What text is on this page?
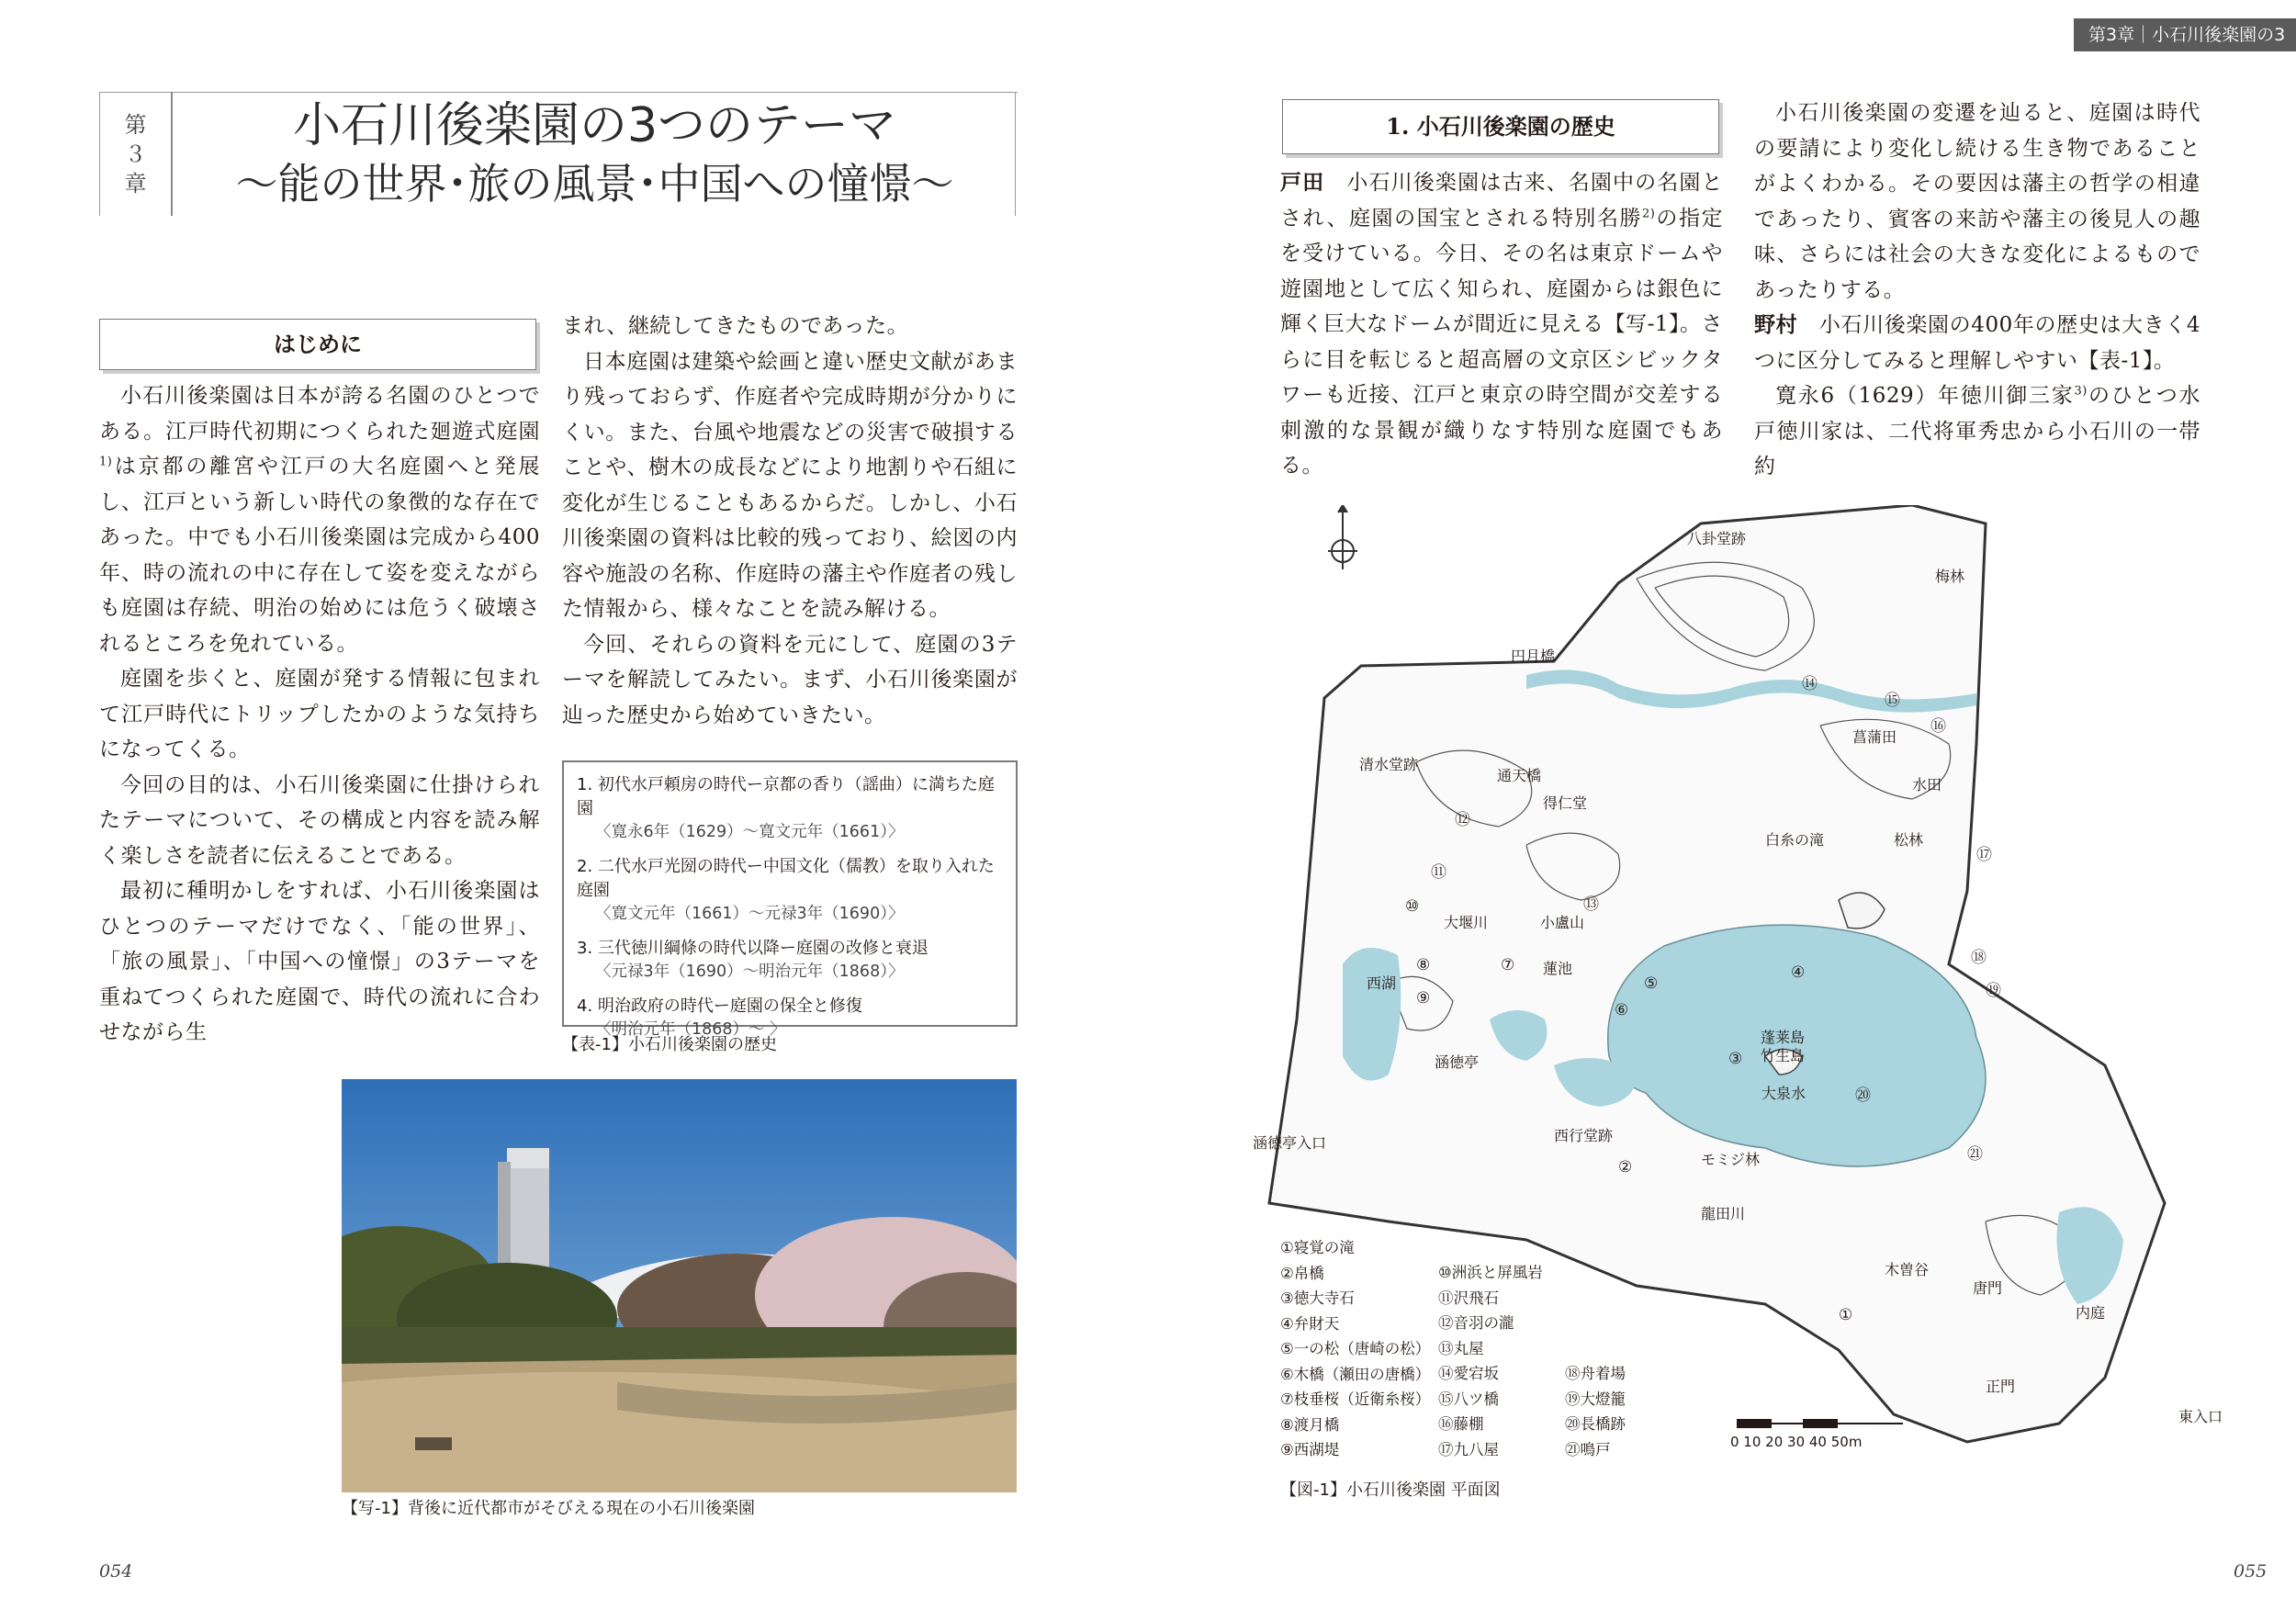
第3章｜小石川後楽園の3つのテーマ
第
３
章
小石川後楽園の3つのテーマ
〜能の世界･旅の風景･中国への憧憬〜
はじめに

小石川後楽園は日本が誇る名園のひとつである。江戸時代初期につくられた廻遊式庭園$^{1)}$は京都の離宮や江戸の大名庭園へと発展し、江戸という新しい時代の象徴的な存在であった。中でも小石川後楽園は完成から400年、時の流れの中に存在して姿を変えながらも庭園は存続、明治の始めには危うく破壊されるところを免れている。

庭園を歩くと、庭園が発する情報に包まれて江戸時代にトリップしたかのような気持ちになってくる。

今回の目的は、小石川後楽園に仕掛けられたテーマについて、その構成と内容を読み解く楽しさを読者に伝えることである。

最初に種明かしをすれば、小石川後楽園はひとつのテーマだけでなく、「能の世界」、「旅の風景」、「中国への憧憬」の3テーマを重ねてつくられた庭園で、時代の流れに合わせながら生

まれ、継続してきたものであった。

日本庭園は建築や絵画と違い歴史文献があまり残っておらず、作庭者や完成時期が分かりにくい。また、台風や地震などの災害で破損することや、樹木の成長などにより地割りや石組に変化が生じることもあるからだ。しかし、小石川後楽園の資料は比較的残っており、絵図の内容や施設の名称、作庭時の藩主や作庭者の残した情報から、様々なことを読み解ける。

今回、それらの資料を元にして、庭園の3テーマを解読してみたい。まず、小石川後楽園が辿った歴史から始めていきたい。

1. 初代水戸頼房の時代ー京都の香り（謡曲）に満ちた庭園
〈寛永6年（1629）〜寛文元年（1661）〉
2. 二代水戸光圀の時代ー中国文化（儒教）を取り入れた庭園
〈寛文元年（1661）〜元禄3年（1690）〉
3. 三代徳川綱條の時代以降ー庭園の改修と衰退
〈元禄3年（1690）〜明治元年（1868）〉
4. 明治政府の時代ー庭園の保全と修復
〈明治元年（1868）〜 〉
【表-1】小石川後楽園の歴史
【写-1】背後に近代都市がそびえる現在の小石川後楽園
1. 小石川後楽園の歴史

戸田　 小石川後楽園は古来、名園中の名園とされ、庭園の国宝とされる特別名勝$^{2)}$の指定を受けている。今日、その名は東京ドームや遊園地として広く知られ、庭園からは銀色に輝く巨大なドームが間近に見える【写-1】。さらに目を転じると超高層の文京区シビックタワーも近接、江戸と東京の時空間が交差する刺激的な景観が織りなす特別な庭園でもある。

小石川後楽園の変遷を辿ると、庭園は時代の要請により変化し続ける生き物であることがよくわかる。その要因は藩主の哲学の相違であったり、賓客の来訪や藩主の後見人の趣味、さらには社会の大きな変化によるものであったりする。

野村　 小石川後楽園の400年の歴史は大きく4つに区分してみると理解しやすい【表-1】。

寛永6（1629）年徳川御三家$^{3)}$のひとつ水戸徳川家は、二代将軍秀忠から小石川の一帯約

八卦堂跡
梅林
円月橋
菖蒲田
水田
清水堂跡
通天橋
得仁堂
白糸の滝	松林
小盧山
大堰川
西湖
蓮池
蓬莱島
竹生島
大泉水
涵徳亭
涵徳亭入口	西行堂跡
モミジ林
龍田川
木曽谷
唐門
内庭
正門
東入口
①
②
③
④
⑤
⑥
⑦
⑧
⑨
⑩
⑪
⑫
⑬
⑭
⑮
⑯
⑰
⑱
⑲
⑳
㉑
0 10 20 30 40 50m
①寝覚の滝
②帛橋
③徳大寺石
④弁財天
⑤一の松（唐崎の松）
⑥木橋（瀬田の唐橋）
⑦枝垂桜（近衛糸桜）
⑧渡月橋
⑨西湖堤
⑩洲浜と屏風岩
⑪沢飛石
⑫音羽の瀧
⑬丸屋
⑭愛宕坂
⑮八ツ橋
⑯藤棚
⑰九八屋
⑱舟着場
⑲大燈籠
⑳長橋跡
㉑鳴戸
【図-1】小石川後楽園 平面図
054	055
